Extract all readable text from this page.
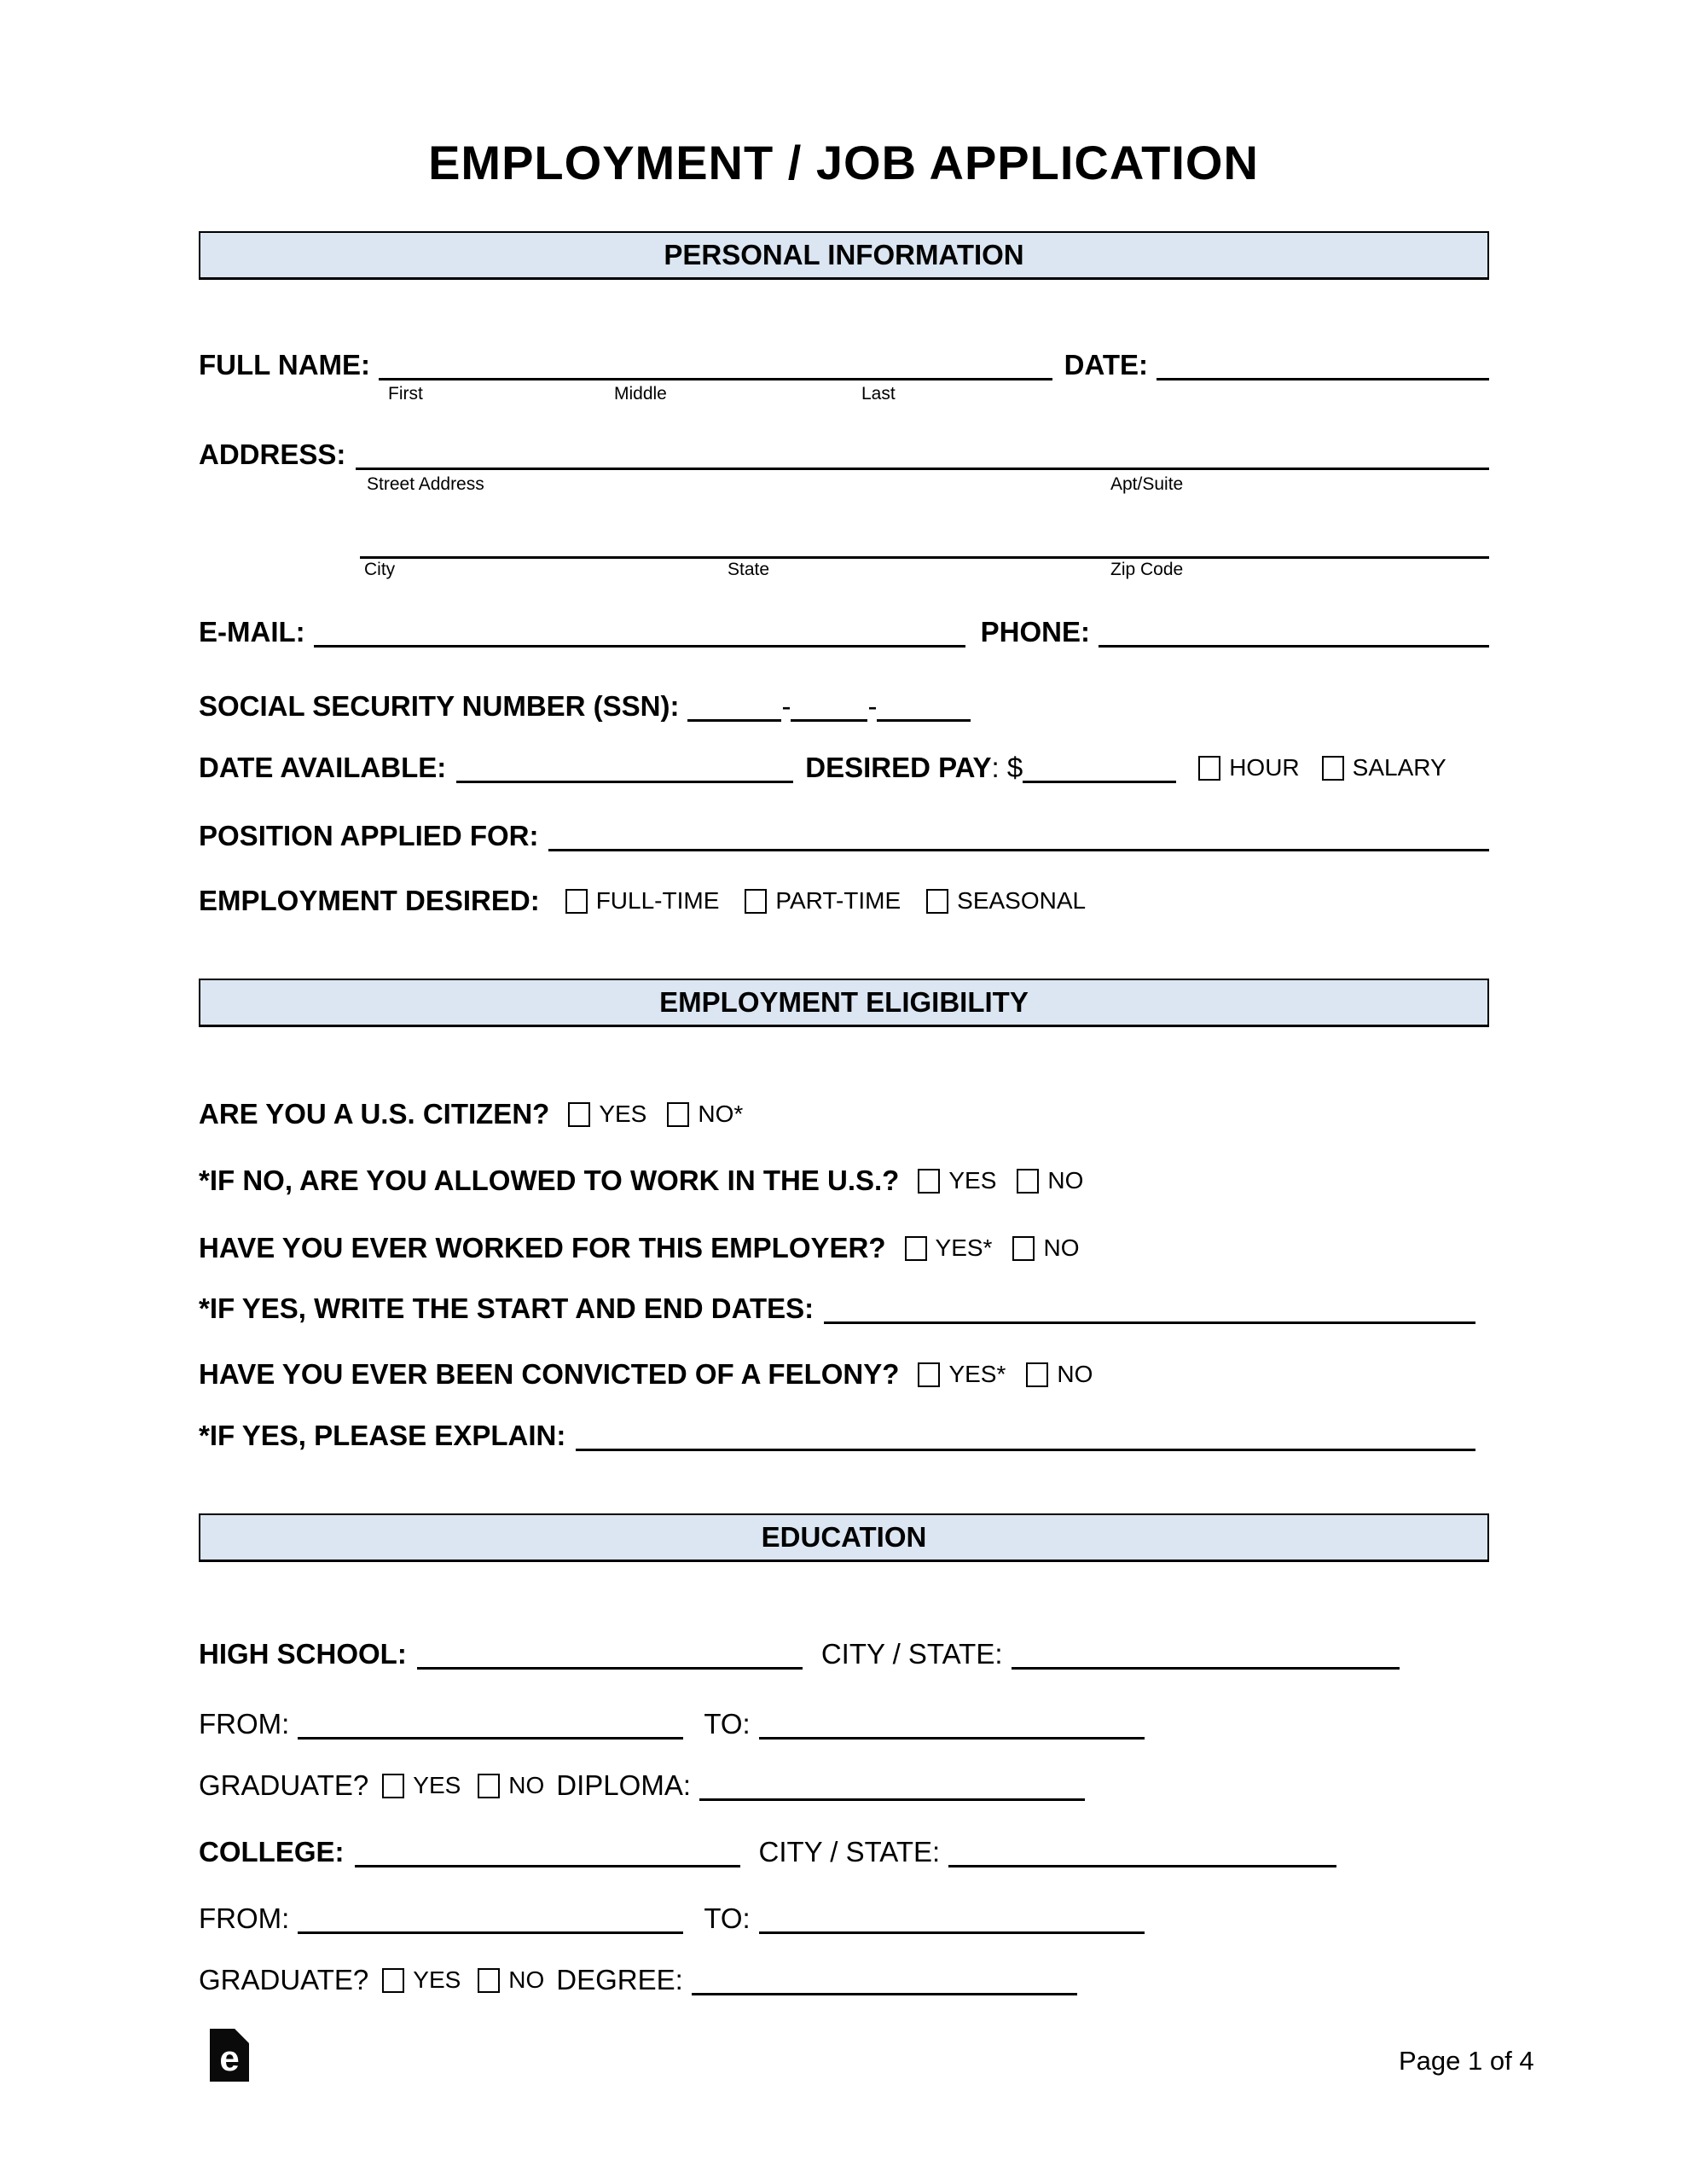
EMPLOYMENT / JOB APPLICATION
PERSONAL INFORMATION
FULL NAME:	DATE:
First	Middle	Last
ADDRESS:
Street Address	Apt/Suite
City	State	Zip Code
E-MAIL:	PHONE:
SOCIAL SECURITY NUMBER (SSN):	-	-
DATE AVAILABLE:	DESIRED PAY : $	HOUR SALARY
POSITION APPLIED FOR:
EMPLOYMENT DESIRED: FULL-TIME PART-TIME SEASONAL
EMPLOYMENT ELIGIBILITY
ARE YOU A U.S. CITIZEN? YES NO*
*IF NO, ARE YOU ALLOWED TO WORK IN THE U.S.? YES NO
HAVE YOU EVER WORKED FOR THIS EMPLOYER? YES* NO
*IF YES, WRITE THE START AND END DATES:
HAVE YOU EVER BEEN CONVICTED OF A FELONY? YES* NO
*IF YES, PLEASE EXPLAIN:
EDUCATION
HIGH SCHOOL:	CITY / STATE:
FROM:	TO:
GRADUATE? YES NO DIPLOMA:
COLLEGE:	CITY / STATE:
FROM:	TO:
GRADUATE? YES NO DEGREE:
e	Page 1 of 4
